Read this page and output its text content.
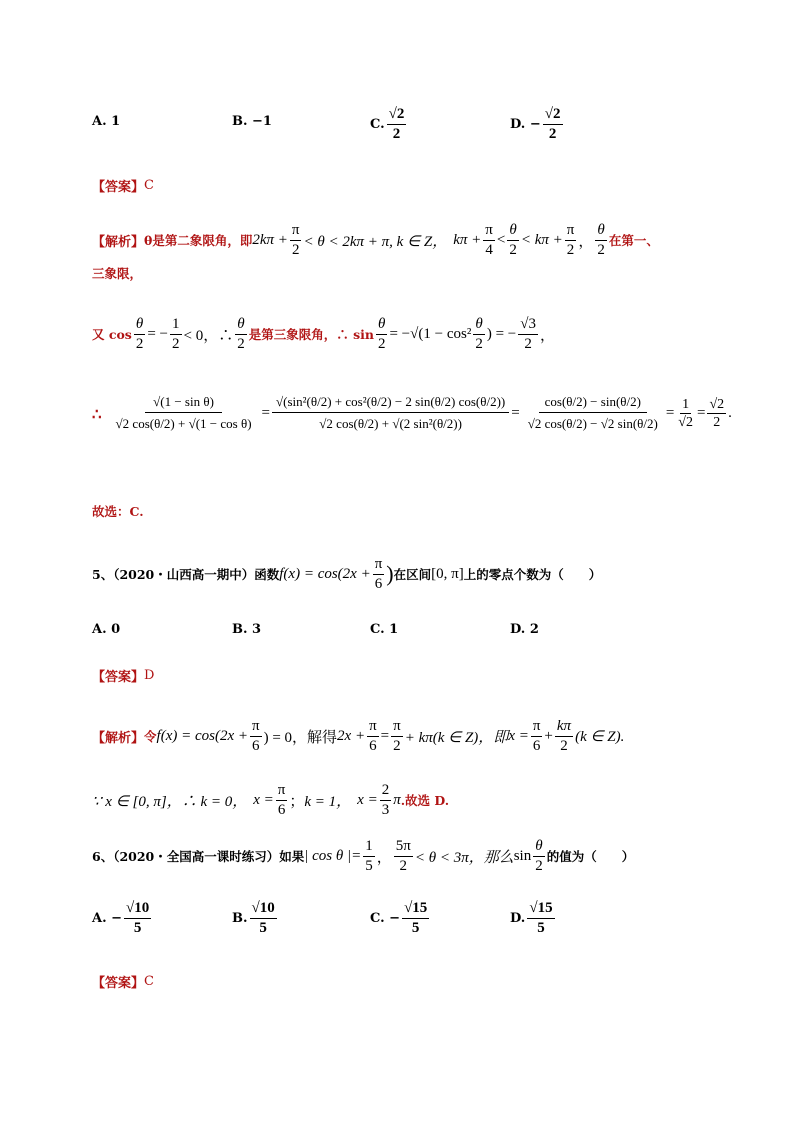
A. 1	B. −1	C. $\frac{√2}{2}$	D. − $\frac{√2}{2}$
【答案】 C
【解析】 θ是第二象限角，即 $2k\pi + \frac{\pi}{2} < \theta < 2k\pi + \pi$, k ∈ Z， $k\pi + \frac{\pi}{4} < \frac{\theta}{2} < k\pi + \frac{\pi}{2}$ ， $\frac{\theta}{2}$ 在第一、
三象限，
又 $\cos \frac{\theta}{2}$ = − $\frac{1}{2} < 0$，∴ $\frac{\theta}{2}$ 是第三象限角，∴ $\sin \frac{\theta}{2} = -√(1 - \cos^2 \frac{\theta}{2}$ ) = − $\frac{√3}{2}$ ，
∴ $\frac{\text{√(1 − sin θ)}}{\text{√2 cos(θ/2) + √(1 − cos θ)}} = \frac{\text{√(sin²(θ/2) + cos²(θ/2) − 2 sin(θ/2) cos(θ/2))}}{\text{√2 cos(θ/2) + √(2 sin²(θ/2))}} = \frac{\cos(\theta/2) - \sin(\theta/2)}{√2 \cos(\theta/2) - √2 \sin(\theta/2)} = \frac{1}{√2} = \frac{√2}{2}$ .
故选：C.
5、（2020・山西高一期中）函数 $f(x) = \cos(2x + \frac{\pi}{6}$ ) 在区间 [0, π] 上的零点个数为（　　）
A. 0	B. 3	C. 1	D. 2
【答案】 D
【解析】 令 $f(x) = \cos(2x + \frac{\pi}{6}$ ) = 0，解得 $2x + \frac{\pi}{6} = \frac{\pi}{2} + k\pi(k$ ∈ Z)，即 $x = \frac{\pi}{6} + \frac{k\pi}{2} (k$ ∈ Z).
∵ x ∈ [0, π]，∴ k = 0， $x = \frac{\pi}{6}$ ； k = 1， $x = \frac{2}{3}$ π .故选 D.
6、（2020・全国高一课时练习）如果 | cos θ |= $\frac{1}{5}$ ， $\frac{5\pi}{2} < \theta < 3\pi$，那么 $\sin \frac{\theta}{2}$ 的值为（　　）
A. − $\frac{√10}{5}$	B. $\frac{√10}{5}$	C. − $\frac{√15}{5}$	D. $\frac{√15}{5}$
【答案】 C
